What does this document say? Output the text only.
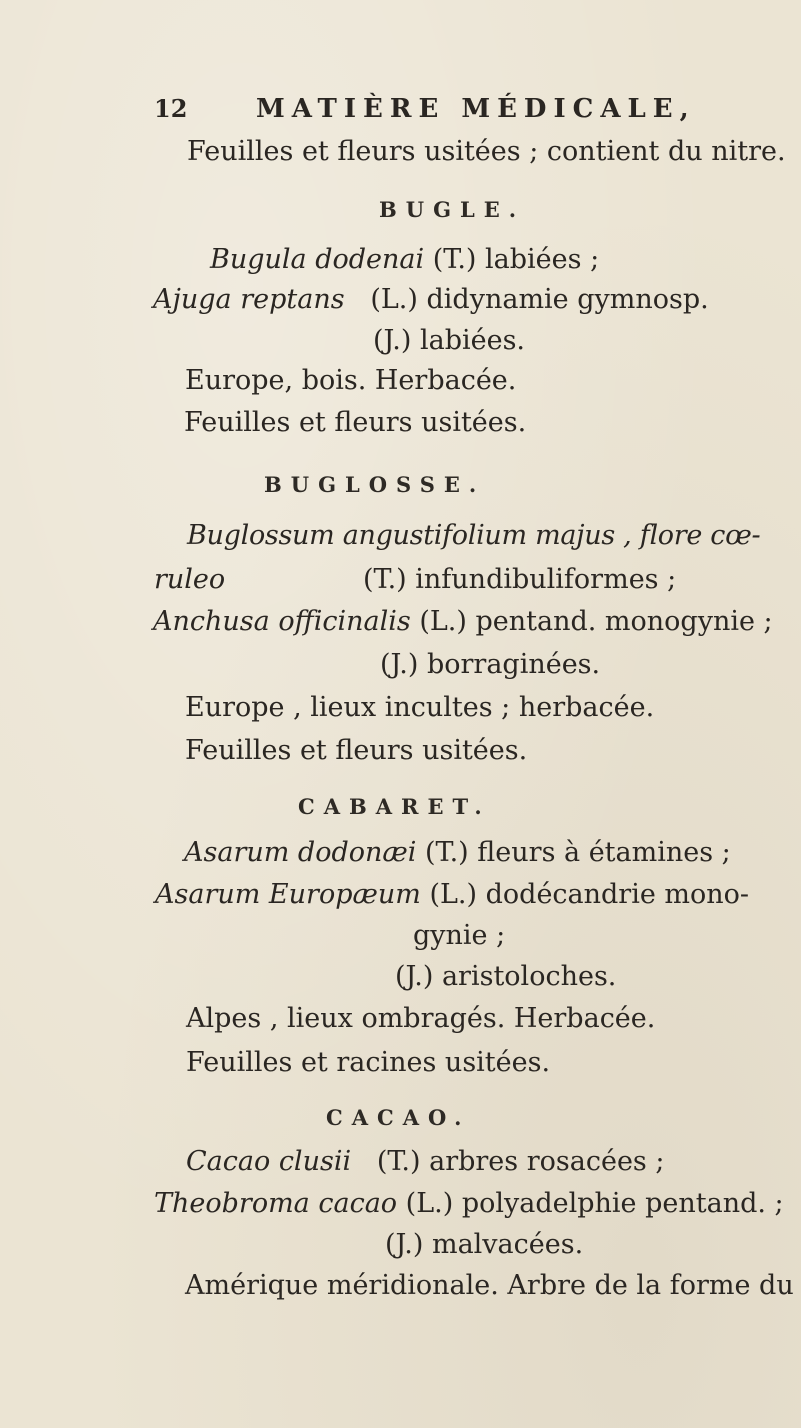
12	MATIÈRE MÉDICALE,
Feuilles et fleurs usitées ; contient du nitre.
BUGLE.
Bugula dodenai (T.) labiées ;
Ajuga reptans (L.) didynamie gymnosp.
(J.) labiées.
Europe, bois. Herbacée.
Feuilles et fleurs usitées.
BUGLOSSE.
Buglossum angustifolium majus , flore cœ-
ruleo	(T.) infundibuliformes ;
Anchusa officinalis (L.) pentand. monogynie ;
(J.) borraginées.
Europe , lieux incultes ; herbacée.
Feuilles et fleurs usitées.
CABARET.
Asarum dodonæi (T.) fleurs à étamines ;
Asarum Europæum (L.) dodécandrie mono-
gynie ;
(J.) aristoloches.
Alpes , lieux ombragés. Herbacée.
Feuilles et racines usitées.
CACAO.
Cacao clusii (T.) arbres rosacées ;
Theobroma cacao (L.) polyadelphie pentand. ;
(J.) malvacées.
Amérique méridionale. Arbre de la forme du
